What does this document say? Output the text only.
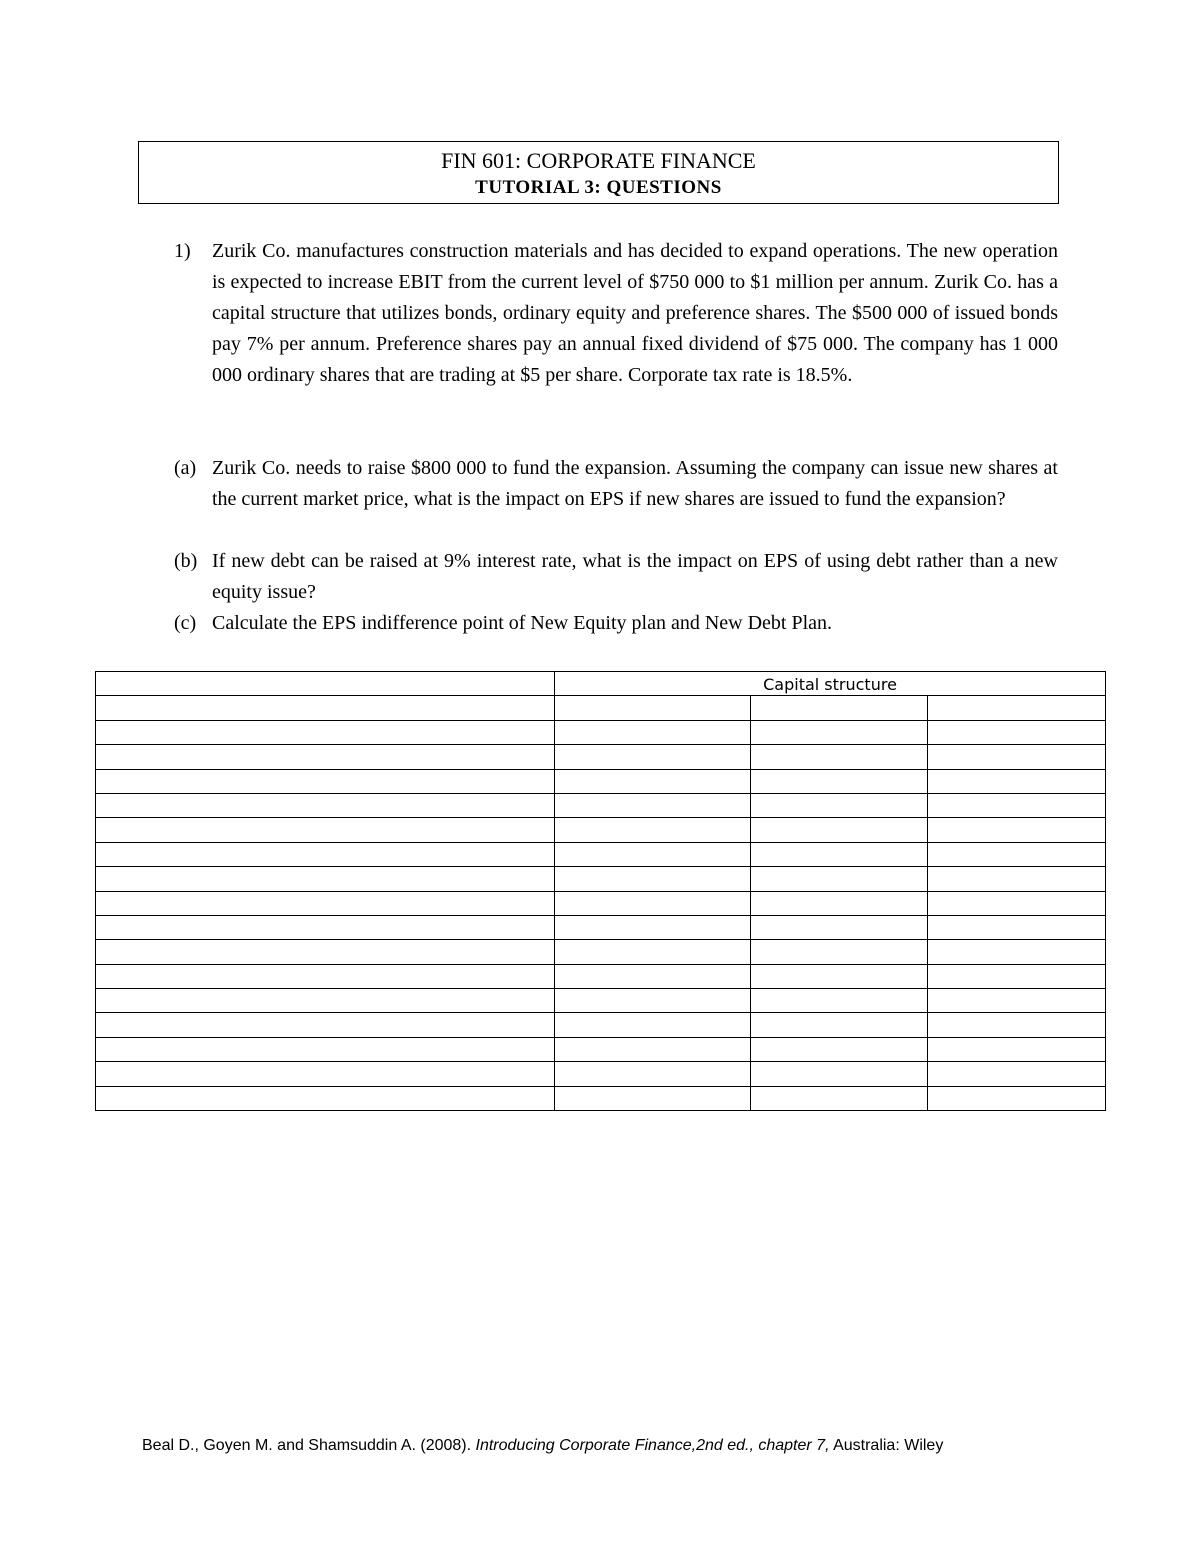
FIN 601: CORPORATE FINANCE
TUTORIAL 3: QUESTIONS
1) Zurik Co. manufactures construction materials and has decided to expand operations. The new operation is expected to increase EBIT from the current level of $750 000 to $1 million per annum. Zurik Co. has a capital structure that utilizes bonds, ordinary equity and preference shares. The $500 000 of issued bonds pay 7% per annum. Preference shares pay an annual fixed dividend of $75 000. The company has 1 000 000 ordinary shares that are trading at $5 per share. Corporate tax rate is 18.5%.
(a) Zurik Co. needs to raise $800 000 to fund the expansion. Assuming the company can issue new shares at the current market price, what is the impact on EPS if new shares are issued to fund the expansion?
(b) If new debt can be raised at 9% interest rate, what is the impact on EPS of using debt rather than a new equity issue?
(c) Calculate the EPS indifference point of New Equity plan and New Debt Plan.
	Capital structure		

Beal D., Goyen M. and Shamsuddin A. (2008). Introducing Corporate Finance,2nd ed., chapter 7, Australia: Wiley
